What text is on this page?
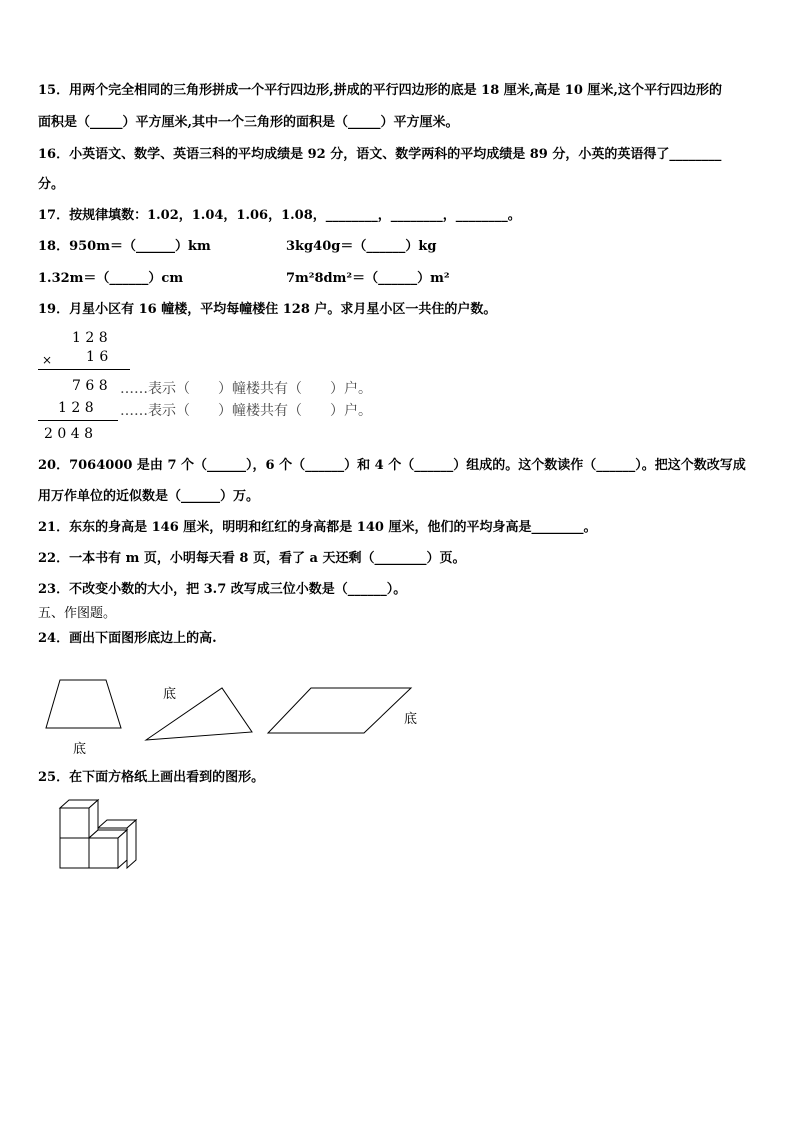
15．用两个完全相同的三角形拼成一个平行四边形,拼成的平行四边形的底是 18 厘米,高是 10 厘米,这个平行四边形的
面积是（_____）平方厘米,其中一个三角形的面积是（_____）平方厘米。
16．小英语文、数学、英语三科的平均成绩是 92 分，语文、数学两科的平均成绩是 89 分，小英的英语得了________
分。
17．按规律填数：1.02，1.04，1.06，1.08，________，________，________。
18．950m＝（______）km	3kg40g＝（______）kg
1.32m＝（______）cm	7m²8dm²＝（______）m²
19．月星小区有 16 幢楼，平均每幢楼住 128 户。求月星小区一共住的户数。
1 2 8
× 1 6
7 6 8 ……表示（　　）幢楼共有（　　）户。
1 2 8 ……表示（　　）幢楼共有（　　）户。
2 0 4 8
20．7064000 是由 7 个（______），6 个（______）和 4 个（______）组成的。这个数读作（______）。把这个数改写成
用万作单位的近似数是（______）万。
21．东东的身高是 146 厘米，明明和红红的身高都是 140 厘米，他们的平均身高是________。
22．一本书有 m 页，小明每天看 8 页，看了 a 天还剩（________）页。
23．不改变小数的大小，把 3.7 改写成三位小数是（______）。
五、作图题。
24．画出下面图形底边上的高.
底
底
底
25．在下面方格纸上画出看到的图形。
